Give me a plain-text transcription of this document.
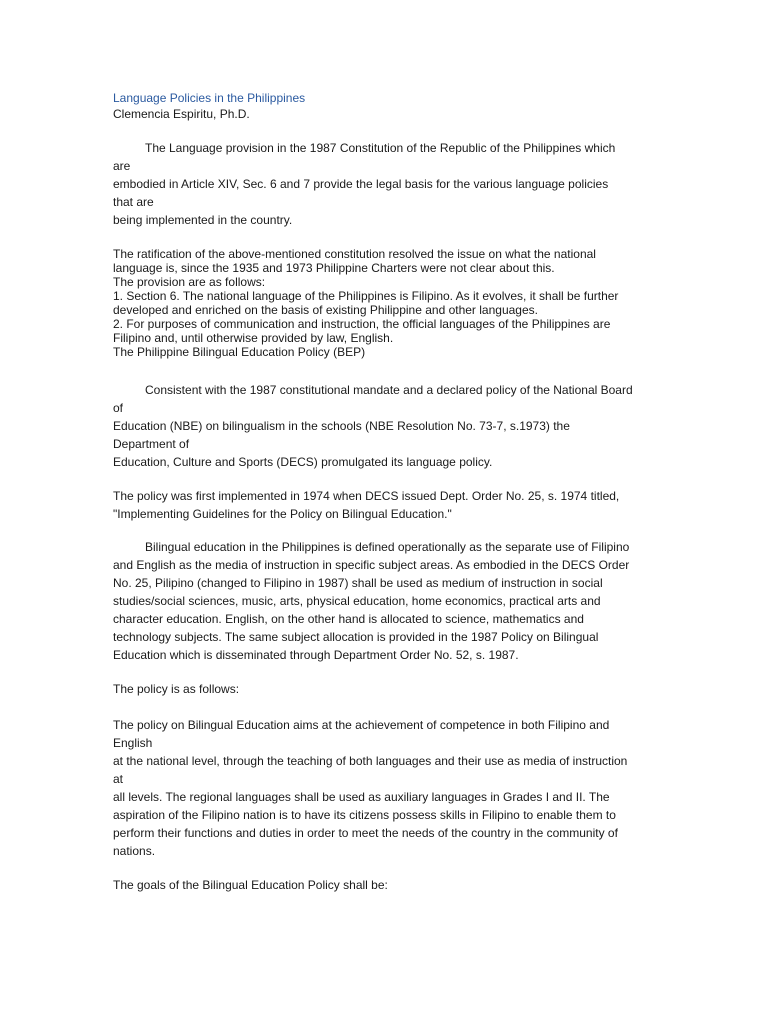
Language Policies in the Philippines
Clemencia Espiritu, Ph.D.
The Language provision in the 1987 Constitution of the Republic of the Philippines which
are
embodied in Article XIV, Sec. 6 and 7 provide the legal basis for the various language policies
that are
being implemented in the country.
The ratification of the above-mentioned constitution resolved the issue on what the national
language is, since the 1935 and 1973 Philippine Charters were not clear about this.
The provision are as follows:
1. Section 6. The national language of the Philippines is Filipino. As it evolves, it shall be further
developed and enriched on the basis of existing Philippine and other languages.
2. For purposes of communication and instruction, the official languages of the Philippines are
Filipino and, until otherwise provided by law, English.
The Philippine Bilingual Education Policy (BEP)
Consistent with the 1987 constitutional mandate and a declared policy of the National Board
of
Education (NBE) on bilingualism in the schools (NBE Resolution No. 73-7, s.1973) the
Department of
Education, Culture and Sports (DECS) promulgated its language policy.
The policy was first implemented in 1974 when DECS issued Dept. Order No. 25, s. 1974 titled,
"Implementing Guidelines for the Policy on Bilingual Education."
Bilingual education in the Philippines is defined operationally as the separate use of Filipino
and English as the media of instruction in specific subject areas. As embodied in the DECS Order
No. 25, Pilipino (changed to Filipino in 1987) shall be used as medium of instruction in social
studies/social sciences, music, arts, physical education, home economics, practical arts and
character education. English, on the other hand is allocated to science, mathematics and
technology subjects. The same subject allocation is provided in the 1987 Policy on Bilingual
Education which is disseminated through Department Order No. 52, s. 1987.
The policy is as follows:
The policy on Bilingual Education aims at the achievement of competence in both Filipino and
English
at the national level, through the teaching of both languages and their use as media of instruction
at
all levels. The regional languages shall be used as auxiliary languages in Grades I and II. The
aspiration of the Filipino nation is to have its citizens possess skills in Filipino to enable them to
perform their functions and duties in order to meet the needs of the country in the community of
nations.
The goals of the Bilingual Education Policy shall be:
